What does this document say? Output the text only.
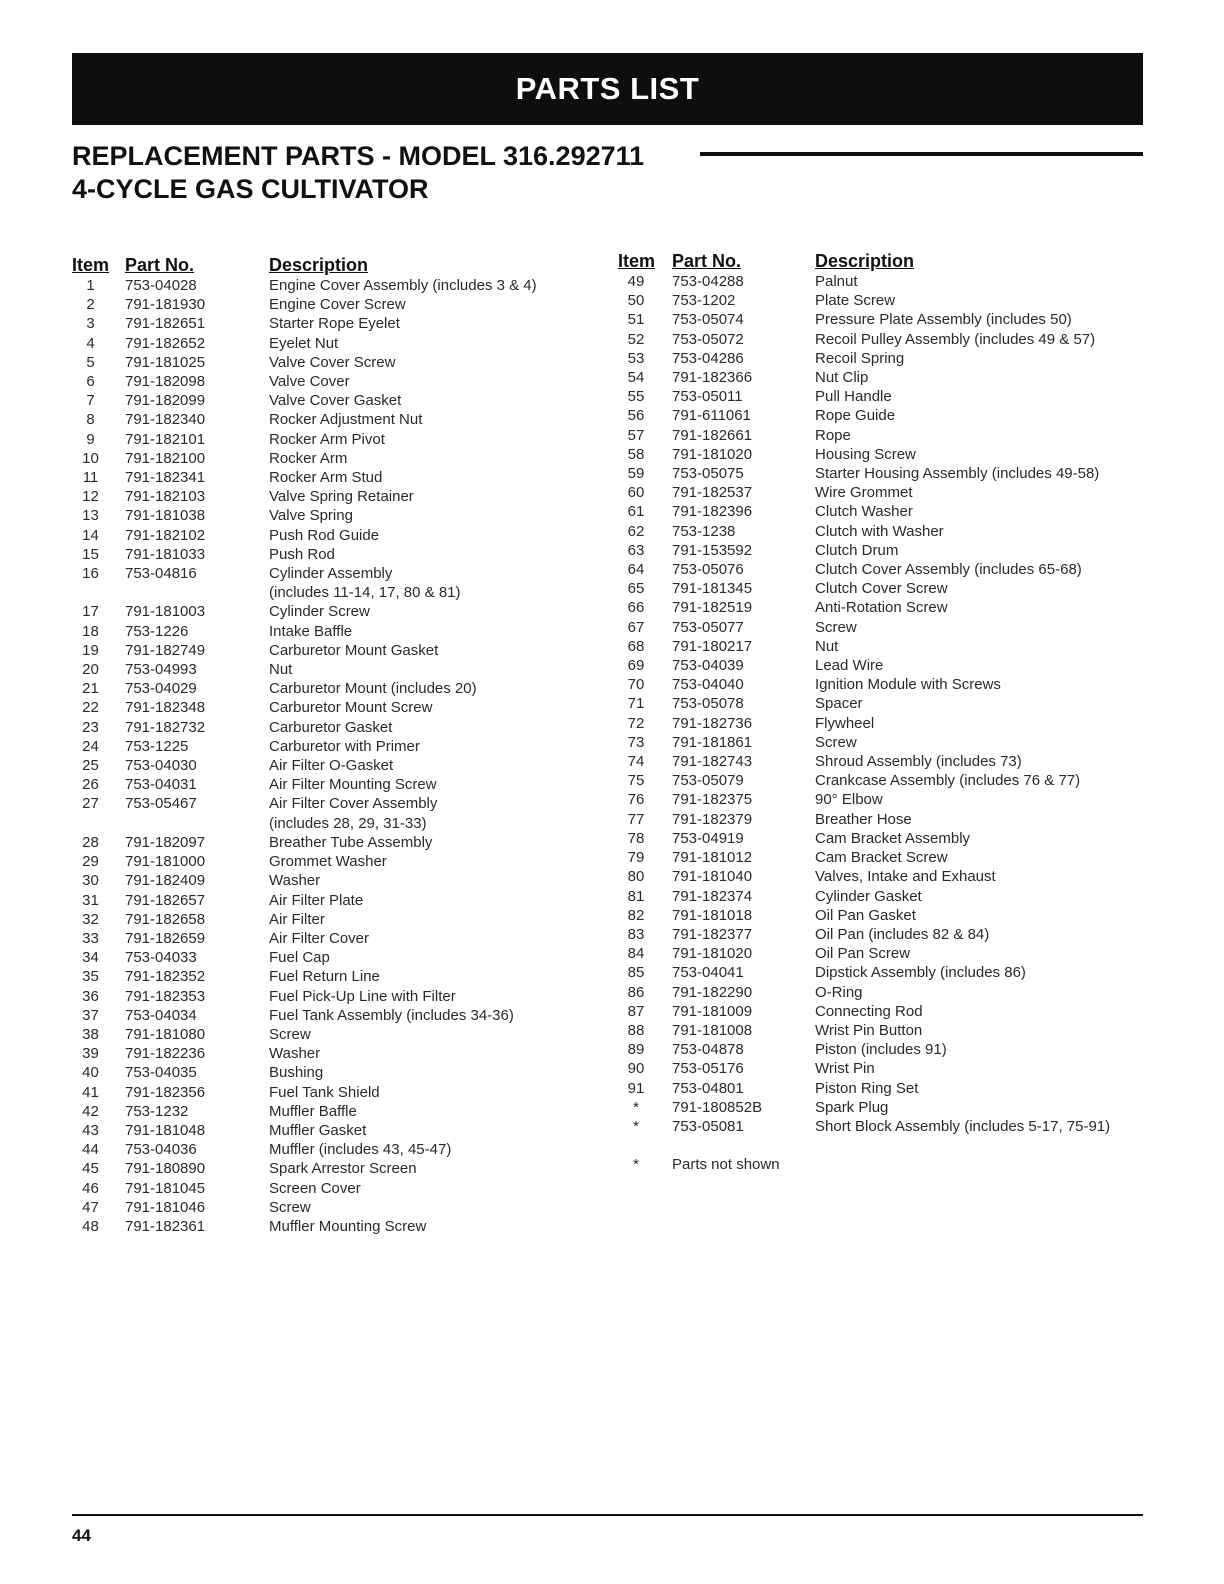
PARTS LIST
REPLACEMENT PARTS - MODEL 316.292711
4-CYCLE GAS CULTIVATOR
Item Part No.	Description
1	753-04028	Engine Cover Assembly (includes 3 & 4)
2	791-181930	Engine Cover Screw
3	791-182651	Starter Rope Eyelet
4	791-182652	Eyelet Nut
5	791-181025	Valve Cover Screw
6	791-182098	Valve Cover
7	791-182099	Valve Cover Gasket
8	791-182340	Rocker Adjustment Nut
9	791-182101	Rocker Arm Pivot
10	791-182100	Rocker Arm
11	791-182341	Rocker Arm Stud
12	791-182103	Valve Spring Retainer
13	791-181038	Valve Spring
14	791-182102	Push Rod Guide
15	791-181033	Push Rod
16	753-04816	Cylinder Assembly
(includes 11-14, 17, 80 & 81)
17	791-181003	Cylinder Screw
18	753-1226	Intake Baffle
19	791-182749	Carburetor Mount Gasket
20	753-04993	Nut
21	753-04029	Carburetor Mount (includes 20)
22	791-182348	Carburetor Mount Screw
23	791-182732	Carburetor Gasket
24	753-1225	Carburetor with Primer
25	753-04030	Air Filter O-Gasket
26	753-04031	Air Filter Mounting Screw
27	753-05467	Air Filter Cover Assembly
(includes 28, 29, 31-33)
28	791-182097	Breather Tube Assembly
29	791-181000	Grommet Washer
30	791-182409	Washer
31	791-182657	Air Filter Plate
32	791-182658	Air Filter
33	791-182659	Air Filter Cover
34	753-04033	Fuel Cap
35	791-182352	Fuel Return Line
36	791-182353	Fuel Pick-Up Line with Filter
37	753-04034	Fuel Tank Assembly (includes 34-36)
38	791-181080	Screw
39	791-182236	Washer
40	753-04035	Bushing
41	791-182356	Fuel Tank Shield
42	753-1232	Muffler Baffle
43	791-181048	Muffler Gasket
44	753-04036	Muffler (includes 43, 45-47)
45	791-180890	Spark Arrestor Screen
46	791-181045	Screen Cover
47	791-181046	Screw
48	791-182361	Muffler Mounting Screw
Item Part No.	Description
49	753-04288	Palnut
50	753-1202	Plate Screw
51	753-05074	Pressure Plate Assembly (includes 50)
52	753-05072	Recoil Pulley Assembly (includes 49 & 57)
53	753-04286	Recoil Spring
54	791-182366	Nut Clip
55	753-05011	Pull Handle
56	791-611061	Rope Guide
57	791-182661	Rope
58	791-181020	Housing Screw
59	753-05075	Starter Housing Assembly (includes 49-58)
60	791-182537	Wire Grommet
61	791-182396	Clutch Washer
62	753-1238	Clutch with Washer
63	791-153592	Clutch Drum
64	753-05076	Clutch Cover Assembly (includes 65-68)
65	791-181345	Clutch Cover Screw
66	791-182519	Anti-Rotation Screw
67	753-05077	Screw
68	791-180217	Nut
69	753-04039	Lead Wire
70	753-04040	Ignition Module with Screws
71	753-05078	Spacer
72	791-182736	Flywheel
73	791-181861	Screw
74	791-182743	Shroud Assembly (includes 73)
75	753-05079	Crankcase Assembly (includes 76 & 77)
76	791-182375	90° Elbow
77	791-182379	Breather Hose
78	753-04919	Cam Bracket Assembly
79	791-181012	Cam Bracket Screw
80	791-181040	Valves, Intake and Exhaust
81	791-182374	Cylinder Gasket
82	791-181018	Oil Pan Gasket
83	791-182377	Oil Pan (includes 82 & 84)
84	791-181020	Oil Pan Screw
85	753-04041	Dipstick Assembly (includes 86)
86	791-182290	O-Ring
87	791-181009	Connecting Rod
88	791-181008	Wrist Pin Button
89	753-04878	Piston (includes 91)
90	753-05176	Wrist Pin
91	753-04801	Piston Ring Set
*	791-180852B	Spark Plug
*	753-05081	Short Block Assembly (includes 5-17, 75-91)
*	Parts not shown
44
